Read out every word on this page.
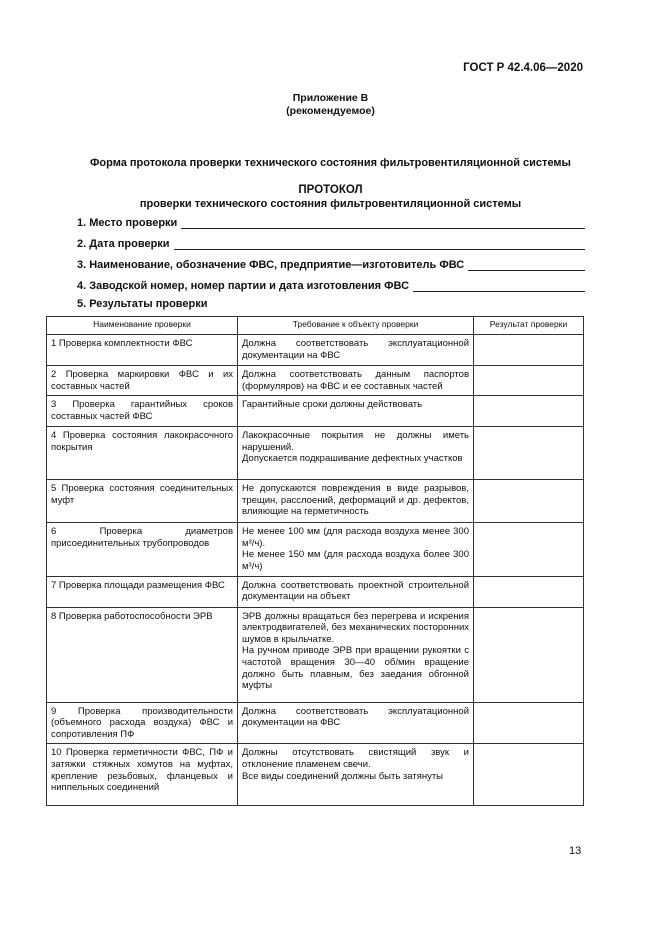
ГОСТ Р 42.4.06—2020
Приложение В
(рекомендуемое)
Форма протокола проверки технического состояния фильтровентиляционной системы
ПРОТОКОЛ
проверки технического состояния фильтровентиляционной системы
1. Место проверки
2. Дата проверки
3. Наименование, обозначение ФВС, предприятие—изготовитель ФВС
4. Заводской номер, номер партии и дата изготовления ФВС
5. Результаты проверки
Наименование проверки	Требование к объекту проверки	Результат проверки
1 Проверка комплектности ФВС	Должна соответствовать эксплуатационной документации на ФВС	
2 Проверка маркировки ФВС и их составных частей	Должна соответствовать данным паспортов (формуляров) на ФВС и ее составных частей	
3 Проверка гарантийных сроков составных частей ФВС	Гарантийные сроки должны действовать	
4 Проверка состояния лакокрасочного покрытия	Лакокрасочные покрытия не должны иметь нарушений.
Допускается подкрашивание дефектных участков	
5 Проверка состояния соединительных муфт	Не допускаются повреждения в виде разрывов, трещин, расслоений, деформаций и др. дефектов, влияющие на герметичность	
6 Проверка диаметров присоединительных трубопроводов	Не менее 100 мм (для расхода воздуха менее 300 м³/ч).
Не менее 150 мм (для расхода воздуха более 300 м³/ч)	
7 Проверка площади размещения ФВС	Должна соответствовать проектной строительной документации на объект	
8 Проверка работоспособности ЭРВ	ЭРВ должны вращаться без перегрева и искрения электродвигателей, без механических посторонних шумов в крыльчатке.
На ручном приводе ЭРВ при вращении рукоятки с частотой вращения 30—40 об/мин вращение должно быть плавным, без заедания обгонной муфты	
9 Проверка производительности (объемного расхода воздуха) ФВС и сопротивления ПФ	Должна соответствовать эксплуатационной документации на ФВС	
10 Проверка герметичности ФВС, ПФ и затяжки стяжных хомутов на муфтах, крепление резьбовых, фланцевых и ниппельных соединений	Должны отсутствовать свистящий звук и отклонение пламенем свечи.
Все виды соединений должны быть затянуты	
13
